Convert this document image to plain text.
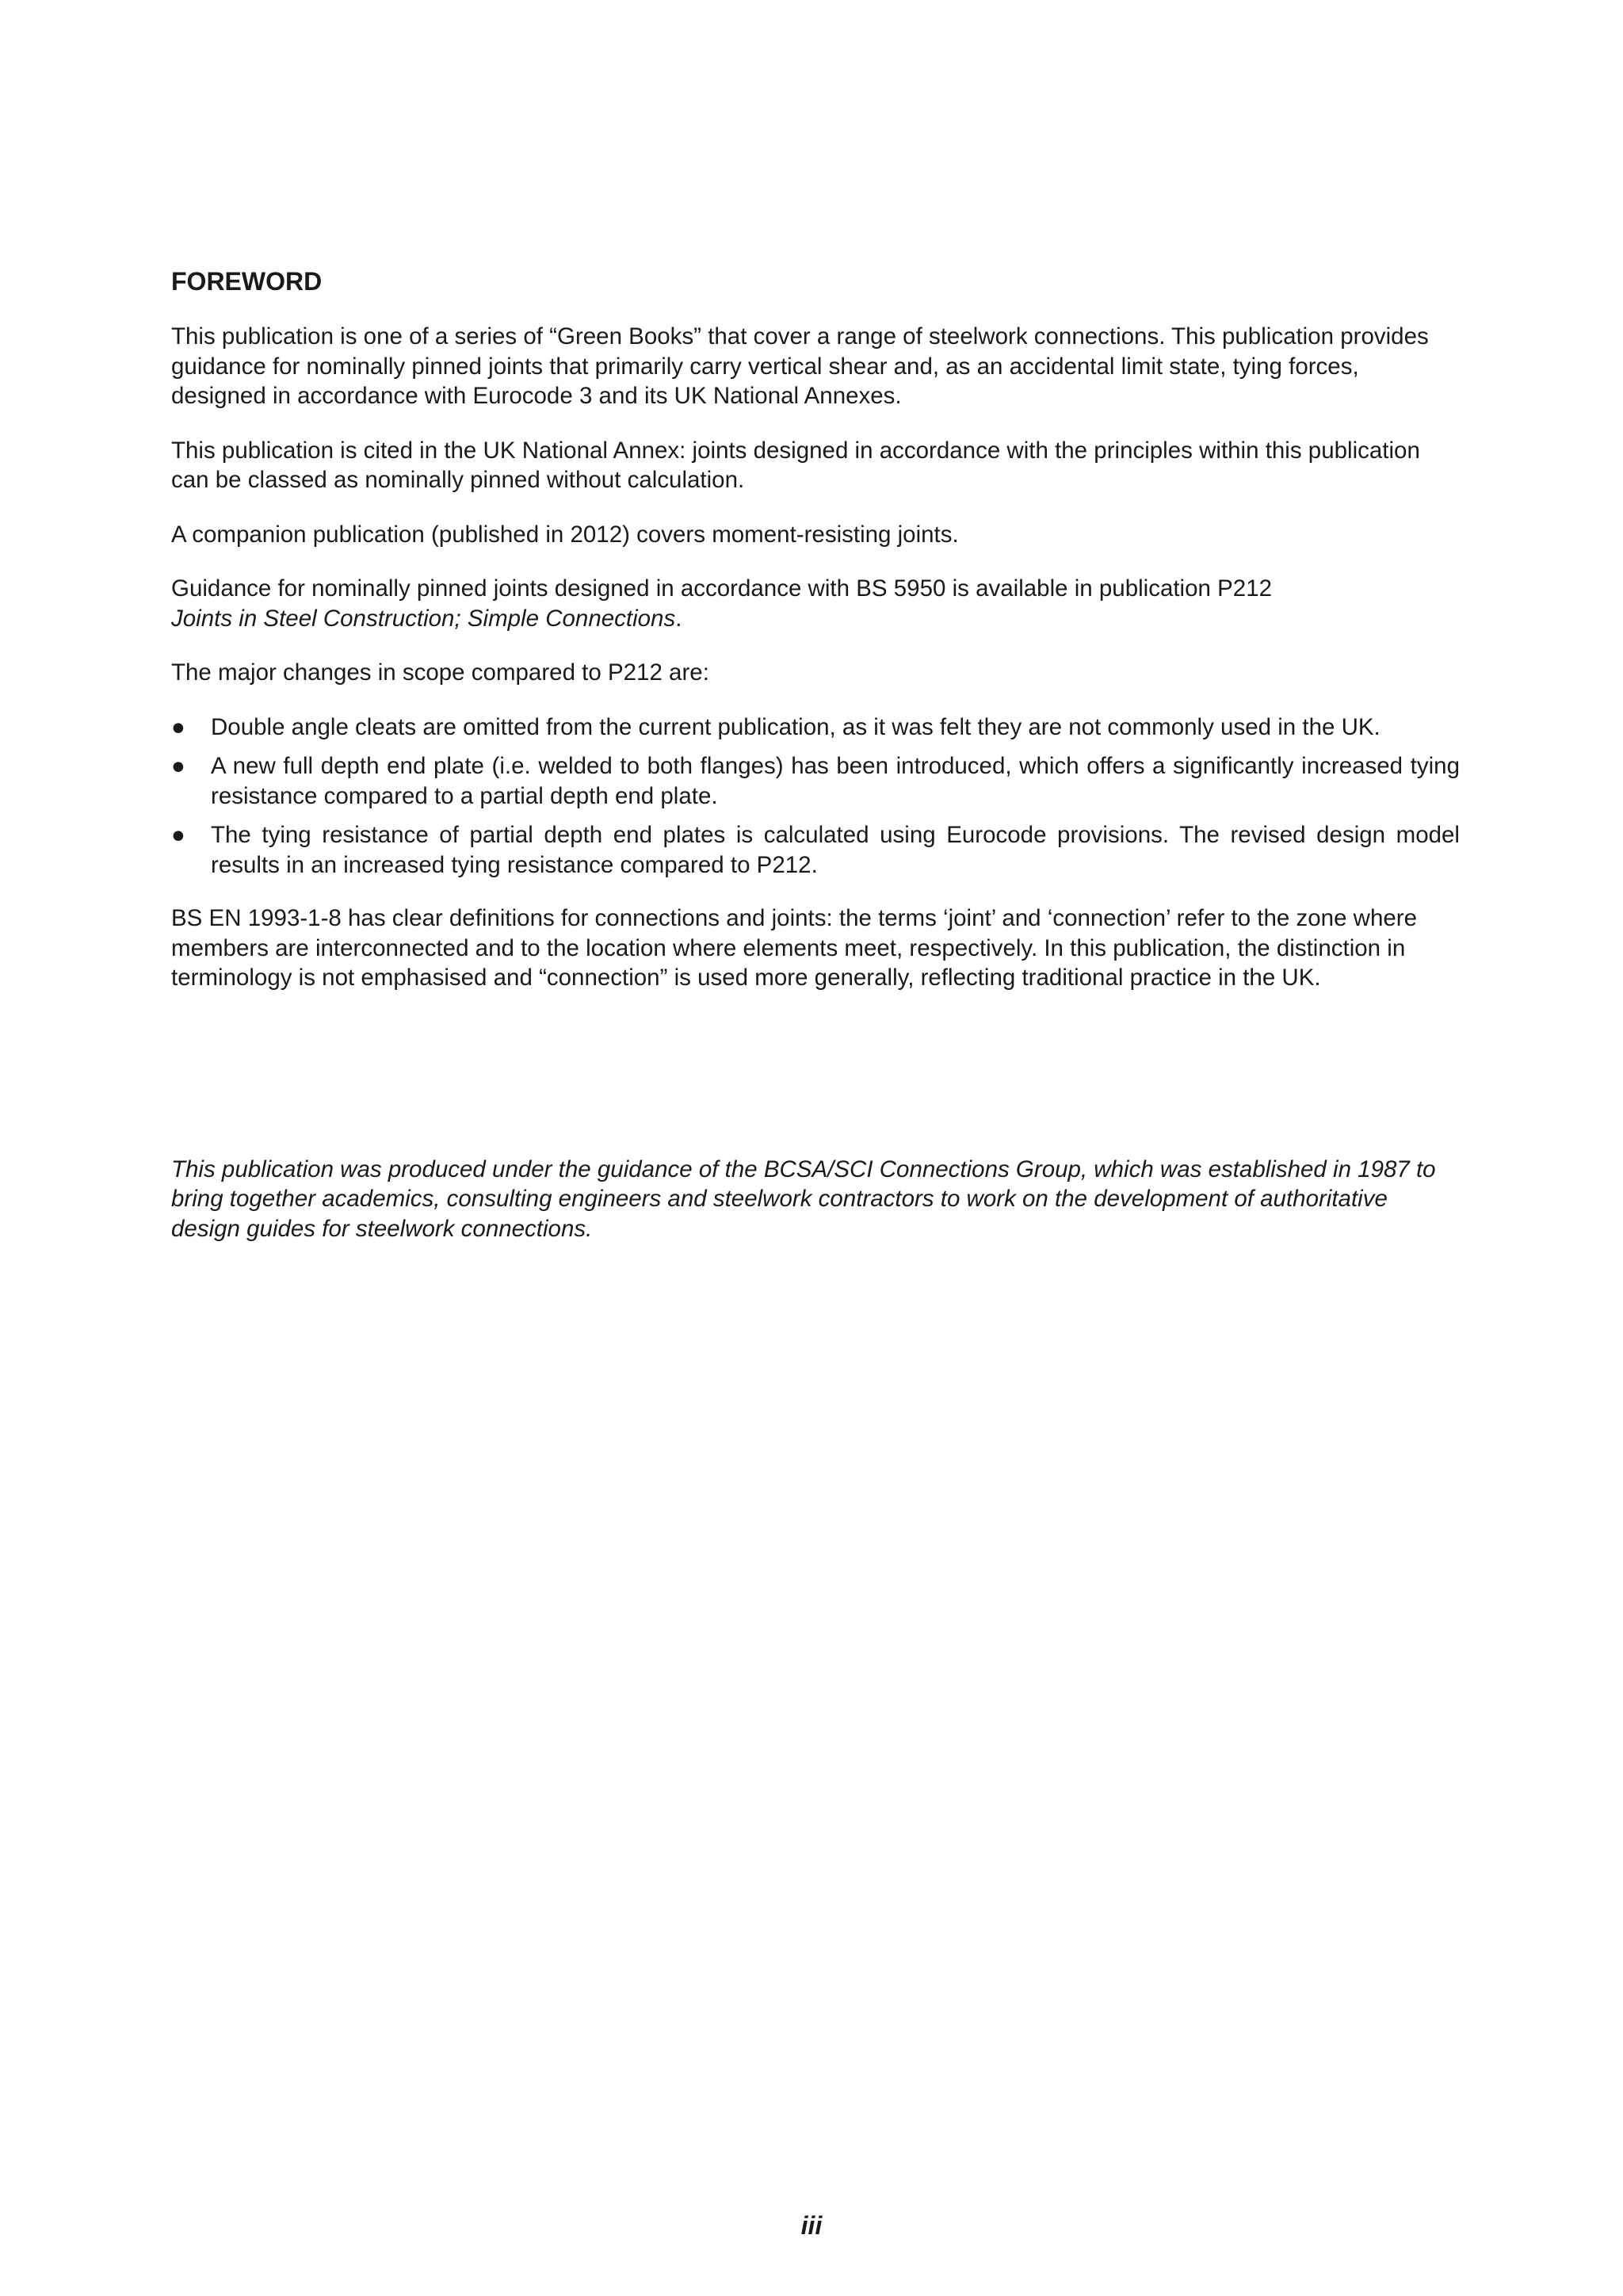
FOREWORD

This publication is one of a series of “Green Books” that cover a range of steelwork connections. This publication provides guidance for nominally pinned joints that primarily carry vertical shear and, as an accidental limit state, tying forces, designed in accordance with Eurocode 3 and its UK National Annexes.

This publication is cited in the UK National Annex: joints designed in accordance with the principles within this publication can be classed as nominally pinned without calculation.

A companion publication (published in 2012) covers moment-resisting joints.

Guidance for nominally pinned joints designed in accordance with BS 5950 is available in publication P212
Joints in Steel Construction; Simple Connections.

The major changes in scope compared to P212 are:

●	Double angle cleats are omitted from the current publication, as it was felt they are not commonly used in the UK.
●	A new full depth end plate (i.e. welded to both flanges) has been introduced, which offers a significantly increased tying resistance compared to a partial depth end plate.
●	The tying resistance of partial depth end plates is calculated using Eurocode provisions. The revised design model results in an increased tying resistance compared to P212.

BS EN 1993-1-8 has clear definitions for connections and joints: the terms ‘joint’ and ‘connection’ refer to the zone where members are interconnected and to the location where elements meet, respectively. In this publication, the distinction in terminology is not emphasised and “connection” is used more generally, reflecting traditional practice in the UK.

This publication was produced under the guidance of the BCSA/SCI Connections Group, which was established in 1987 to bring together academics, consulting engineers and steelwork contractors to work on the development of authoritative design guides for steelwork connections.

iii
